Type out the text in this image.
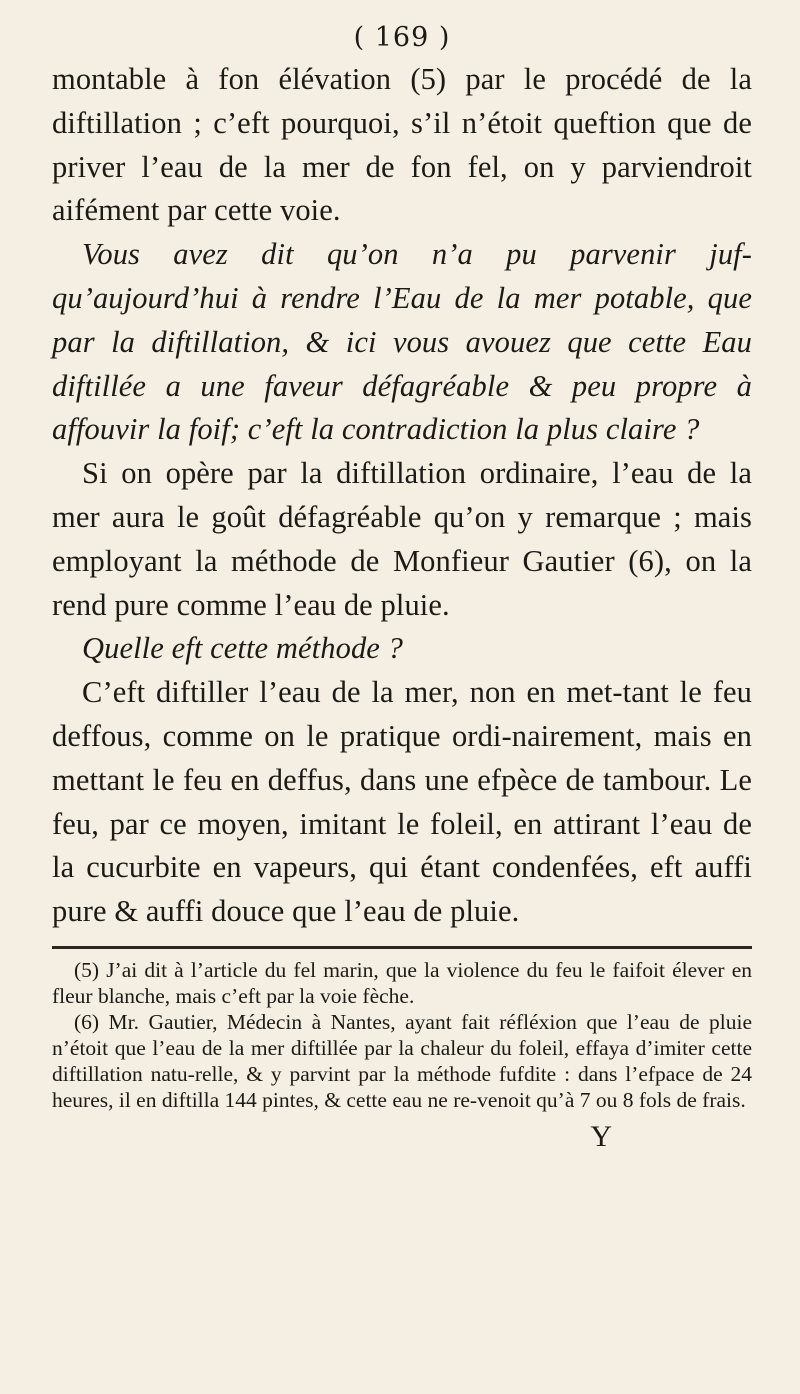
( 169 )

montable à fon élévation (5) par le procédé de la diftillation ; c’eft pourquoi, s’il n’étoit queftion que de priver l’eau de la mer de fon fel, on y parviendroit aifément par cette voie.

Vous avez dit qu’on n’a pu parvenir juf-qu’aujourd’hui à rendre l’Eau de la mer potable, que par la diftillation, & ici vous avouez que cette Eau diftillée a une faveur défagréable & peu propre à affouvir la foif; c’eft la contradiction la plus claire ?

Si on opère par la diftillation ordinaire, l’eau de la mer aura le goût défagréable qu’on y remarque ; mais employant la méthode de Monfieur Gautier (6), on la rend pure comme l’eau de pluie.

Quelle eft cette méthode ?

C’eft diftiller l’eau de la mer, non en met-tant le feu deffous, comme on le pratique ordi-nairement, mais en mettant le feu en deffus, dans une efpèce de tambour. Le feu, par ce moyen, imitant le foleil, en attirant l’eau de la cucurbite en vapeurs, qui étant condenfées, eft auffi pure & auffi douce que l’eau de pluie.

(5) J’ai dit à l’article du fel marin, que la violence du feu le faifoit élever en fleur blanche, mais c’eft par la voie fèche.

(6) Mr. Gautier, Médecin à Nantes, ayant fait réfléxion que l’eau de pluie n’étoit que l’eau de la mer diftillée par la chaleur du foleil, effaya d’imiter cette diftillation natu-relle, & y parvint par la méthode fufdite : dans l’efpace de 24 heures, il en diftilla 144 pintes, & cette eau ne re-venoit qu’à 7 ou 8 fols de frais.

Y
